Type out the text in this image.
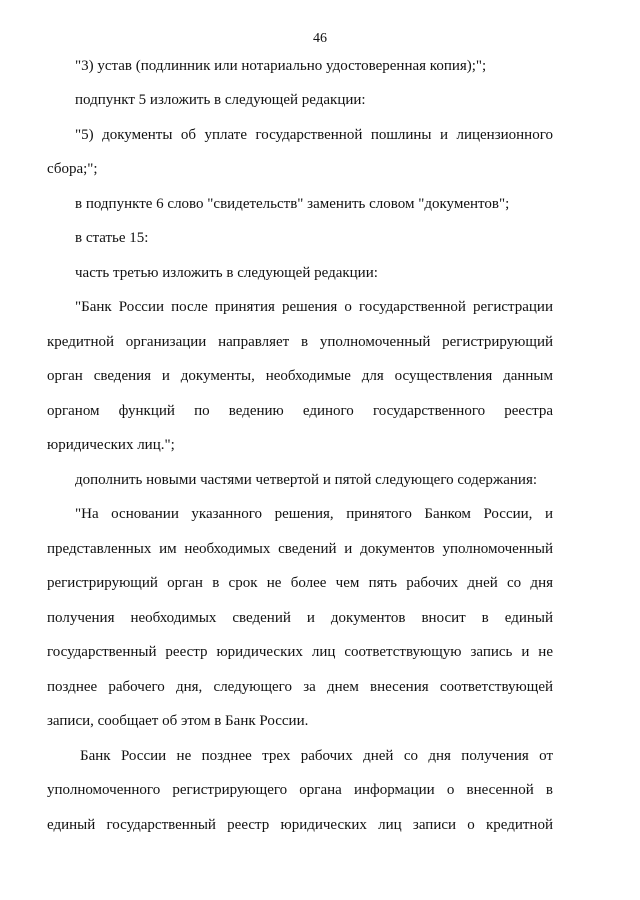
46
"3) устав (подлинник или нотариально удостоверенная копия);";
подпункт 5 изложить в следующей редакции:
"5) документы об уплате государственной пошлины и лицензионного
сбора;";
в подпункте 6 слово "свидетельств" заменить словом "документов";
в статье 15:
часть третью изложить в следующей редакции:
"Банк России после принятия решения о государственной регистрации
кредитной организации направляет в уполномоченный регистрирующий
орган сведения и документы, необходимые для осуществления данным
органом функций по ведению единого государственного реестра
юридических лиц.";
дополнить новыми частями четвертой и пятой следующего содержания:
"На основании указанного решения, принятого Банком России, и
представленных им необходимых сведений и документов уполномоченный
регистрирующий орган в срок не более чем пять рабочих дней со дня
получения необходимых сведений и документов вносит в единый
государственный реестр юридических лиц соответствующую запись и не
позднее рабочего дня, следующего за днем внесения соответствующей
записи, сообщает об этом в Банк России.
Банк России не позднее трех рабочих дней со дня получения от
уполномоченного регистрирующего органа информации о внесенной в
единый государственный реестр юридических лиц записи о кредитной
